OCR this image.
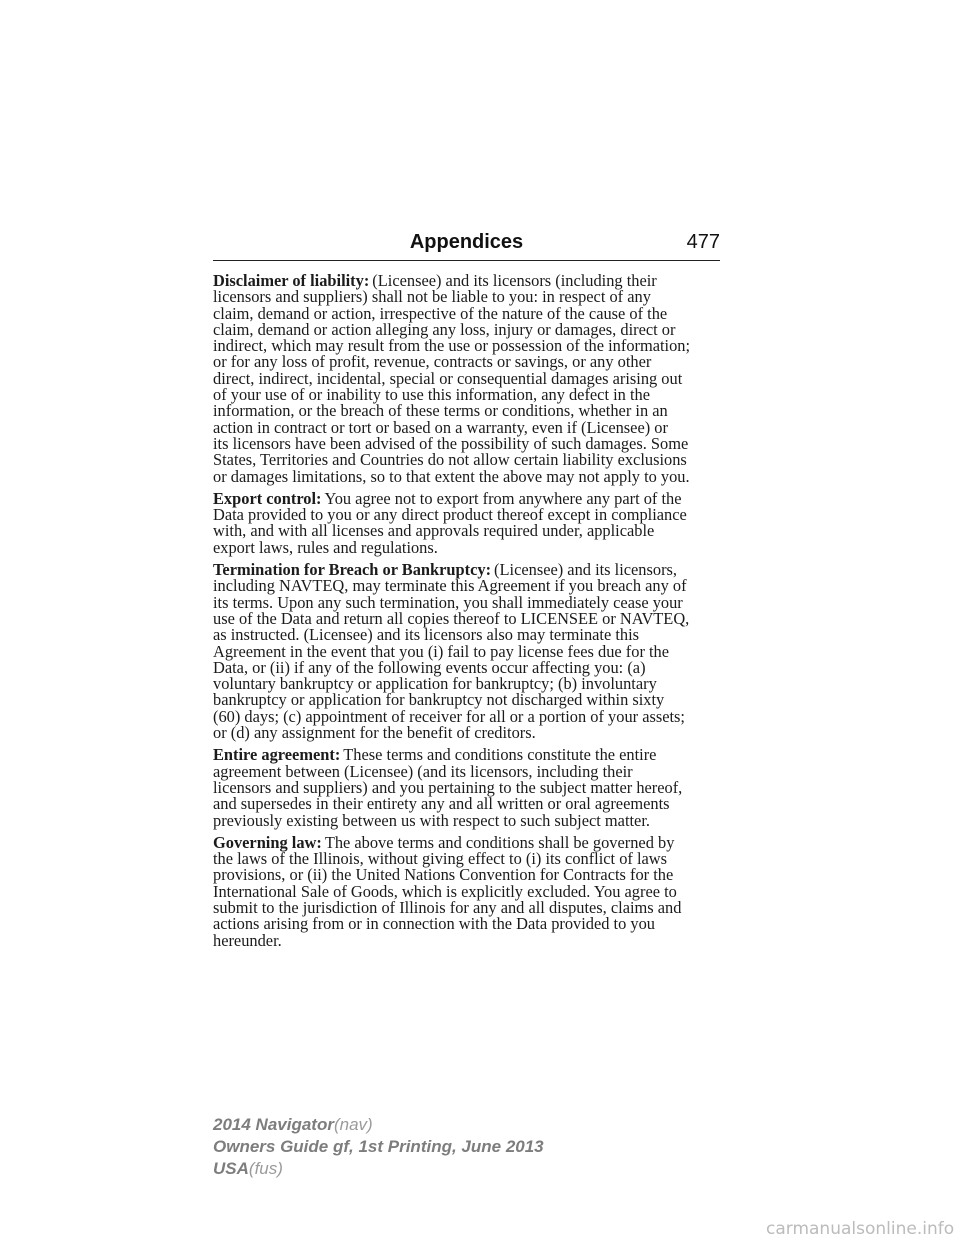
Appendices	477
Disclaimer of liability: (Licensee) and its licensors (including their
licensors and suppliers) shall not be liable to you: in respect of any
claim, demand or action, irrespective of the nature of the cause of the
claim, demand or action alleging any loss, injury or damages, direct or
indirect, which may result from the use or possession of the information;
or for any loss of profit, revenue, contracts or savings, or any other
direct, indirect, incidental, special or consequential damages arising out
of your use of or inability to use this information, any defect in the
information, or the breach of these terms or conditions, whether in an
action in contract or tort or based on a warranty, even if (Licensee) or
its licensors have been advised of the possibility of such damages. Some
States, Territories and Countries do not allow certain liability exclusions
or damages limitations, so to that extent the above may not apply to you.
Export control: You agree not to export from anywhere any part of the
Data provided to you or any direct product thereof except in compliance
with, and with all licenses and approvals required under, applicable
export laws, rules and regulations.
Termination for Breach or Bankruptcy: (Licensee) and its licensors,
including NAVTEQ, may terminate this Agreement if you breach any of
its terms. Upon any such termination, you shall immediately cease your
use of the Data and return all copies thereof to LICENSEE or NAVTEQ,
as instructed. (Licensee) and its licensors also may terminate this
Agreement in the event that you (i) fail to pay license fees due for the
Data, or (ii) if any of the following events occur affecting you: (a)
voluntary bankruptcy or application for bankruptcy; (b) involuntary
bankruptcy or application for bankruptcy not discharged within sixty
(60) days; (c) appointment of receiver for all or a portion of your assets;
or (d) any assignment for the benefit of creditors.
Entire agreement: These terms and conditions constitute the entire
agreement between (Licensee) (and its licensors, including their
licensors and suppliers) and you pertaining to the subject matter hereof,
and supersedes in their entirety any and all written or oral agreements
previously existing between us with respect to such subject matter.
Governing law: The above terms and conditions shall be governed by
the laws of the Illinois, without giving effect to (i) its conflict of laws
provisions, or (ii) the United Nations Convention for Contracts for the
International Sale of Goods, which is explicitly excluded. You agree to
submit to the jurisdiction of Illinois for any and all disputes, claims and
actions arising from or in connection with the Data provided to you
hereunder.
2014 Navigator(nav)
Owners Guide gf, 1st Printing, June 2013
USA(fus)
carmanualsonline.info
